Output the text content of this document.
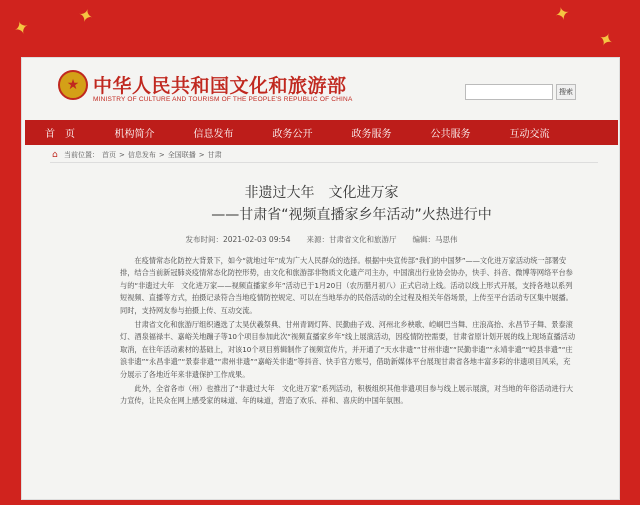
✦ ✦	✦
✦
★ 中华人民共和国文化和旅游部
MINISTRY OF CULTURE AND TOURISM OF THE PEOPLE'S REPUBLIC OF CHINA
搜索
首　页	机构简介	信息发布	政务公开	政务服务	公共服务	互动交流
⌂ 当前位置： 首页 > 信息发布 > 全国联播 > 甘肃
非遗过大年　文化进万家
——甘肃省“视频直播家乡年活动”火热进行中
发布时间：2021-02-03 09:54 来源：甘肃省文化和旅游厅 编辑：马思伟

在疫情常态化防控大背景下，如今“就地过年”成为广大人民群众的选择。根据中央宣传部“我们的中国梦”——文化进万家活动统一部署安排，结合当前新冠肺炎疫情常态化防控形势，由文化和旅游部非物质文化遗产司主办，中国演出行业协会协办，快手、抖音、微博等网络平台参与的“非遗过大年　文化进万家——视频直播家乡年”活动已于1月20日（农历腊月初八）正式启动上线。活动以线上形式开展，支持各地以系列短视频、直播等方式，拍摄记录符合当地疫情防控规定、可以在当地举办的民俗活动的全过程及相关年俗场景，上传至平台活动专区集中展播。同时，支持网友参与拍摄上传、互动交流。

甘肃省文化和旅游厅组织遴选了太昊伏羲祭典、甘州青调灯阵、民勤曲子戏、河州北乡秧歌、崆峒巴当舞、庄浪高抬、永昌节子舞、景泰滚灯、酒泉福禄丰、嘉峪关地蹦子等10个项目参加此次“视频直播家乡年”线上展演活动，因疫情防控需要，甘肃省原计划开展的线上现场直播活动取消，在往年活动素材的基础上，对该10个项目剪辑制作了视频宣传片，并开通了“天水非遗”“甘州非遗”“民勤非遗”“永靖非遗”“崆县非遗”“庄浪非遗”“永昌非遗”“景泰非遗”“肃州非遗”“嘉峪关非遗”等抖音、快手官方账号，借助新媒体平台展现甘肃省各地丰富多彩的非遗项目风采，充分展示了各地近年来非遗保护工作成果。

此外，全省各市（州）也推出了“非遗过大年　文化进万家”系列活动，积极组织其他非遗项目参与线上展示展演，对当地的年俗活动进行大力宣传，让民众在网上感受家的味道、年的味道，营造了欢乐、祥和、喜庆的中国年氛围。
